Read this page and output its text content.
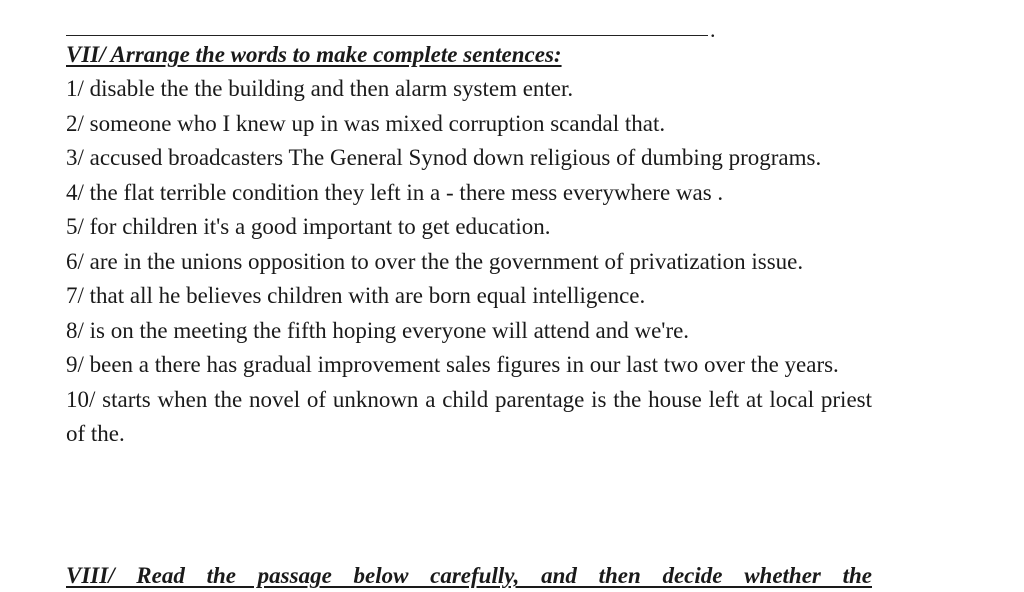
.
VII/ Arrange the words to make complete sentences:
1/ disable the the building and then alarm system enter.
2/ someone who I knew up in was mixed corruption scandal that.
3/ accused broadcasters The General Synod down religious of dumbing programs.
4/ the flat terrible condition they left in a - there mess everywhere was .
5/ for children it's a good important to get education.
6/ are in the unions opposition to over the the government of privatization issue.
7/ that all he believes children with are born equal intelligence.
8/ is on the meeting the fifth hoping everyone will attend and we're.
9/ been a there has gradual improvement sales figures in our last two over the years.
10/ starts when the novel of unknown a child parentage is the house left at local priest of the.
VIII/ Read the passage below carefully, and then decide whether the
